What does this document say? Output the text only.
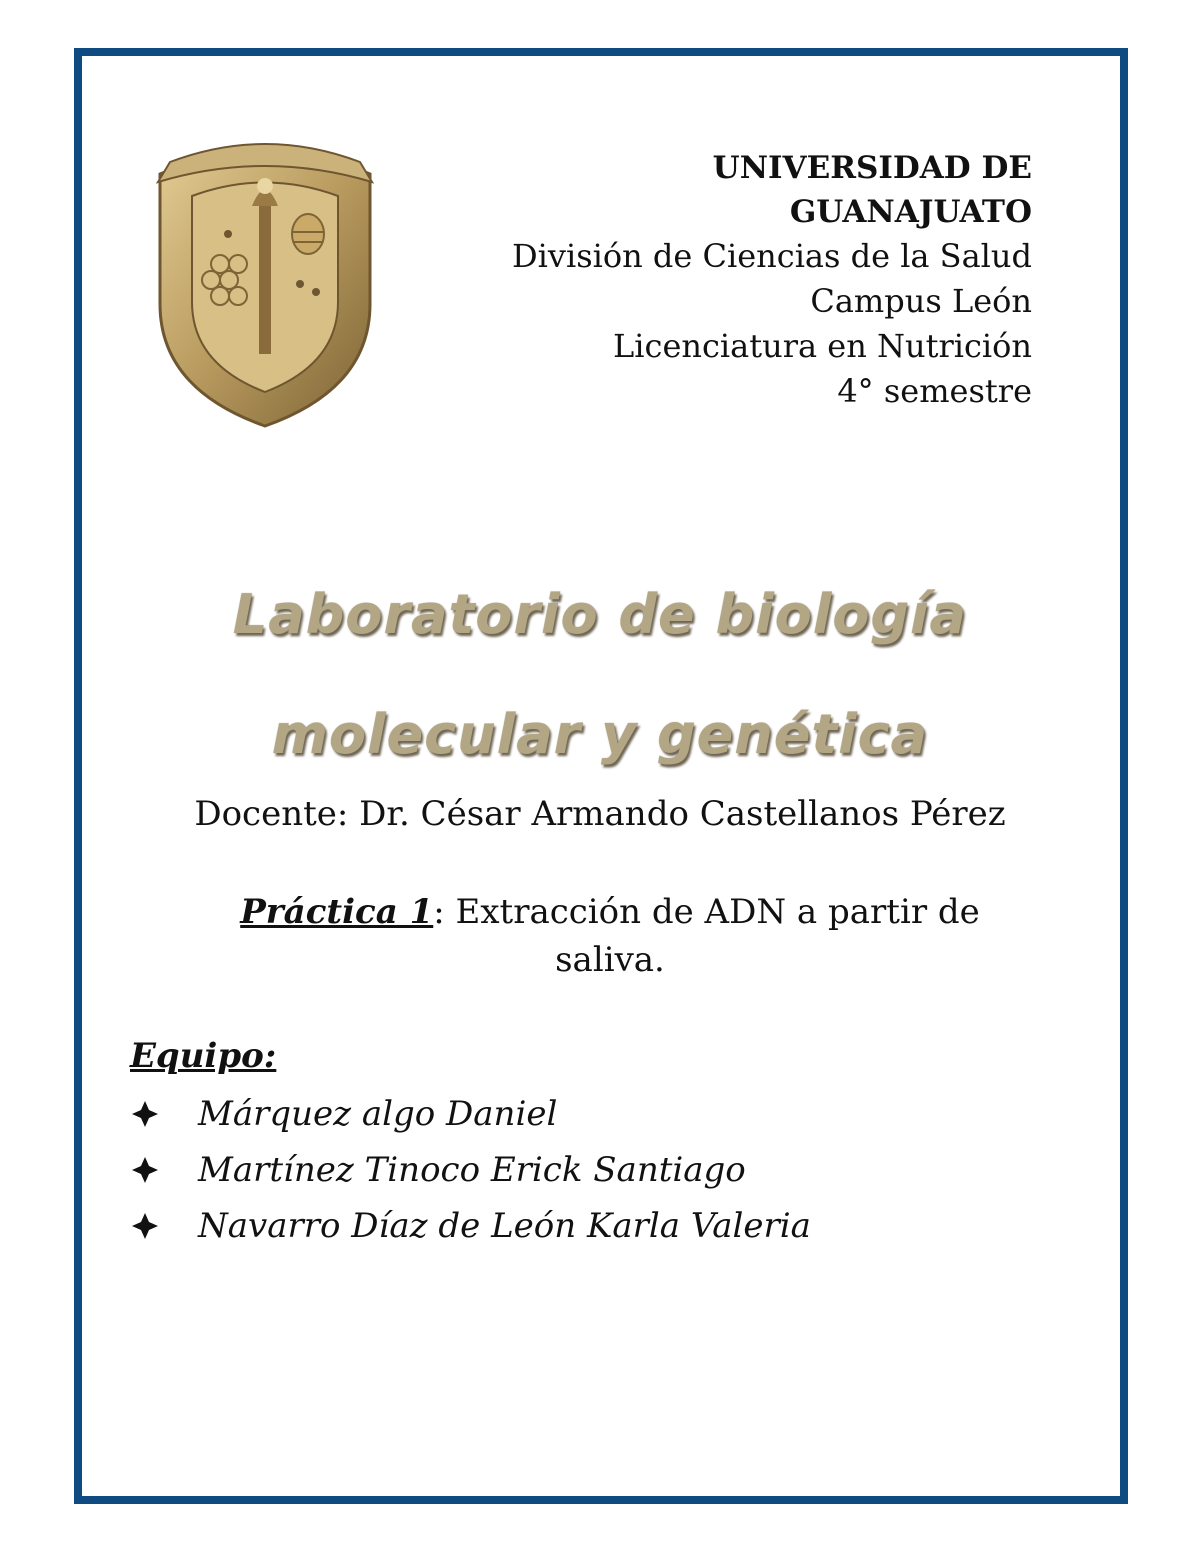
UNIVERSIDAD DE
GUANAJUATO
División de Ciencias de la Salud
Campus León
Licenciatura en Nutrición
4° semestre
Laboratorio de biología
molecular y genética
Docente: Dr. César Armando Castellanos Pérez
Práctica 1: Extracción de ADN a partir de saliva.
Equipo:
Márquez algo Daniel
Martínez Tinoco Erick Santiago
Navarro Díaz de León Karla Valeria
